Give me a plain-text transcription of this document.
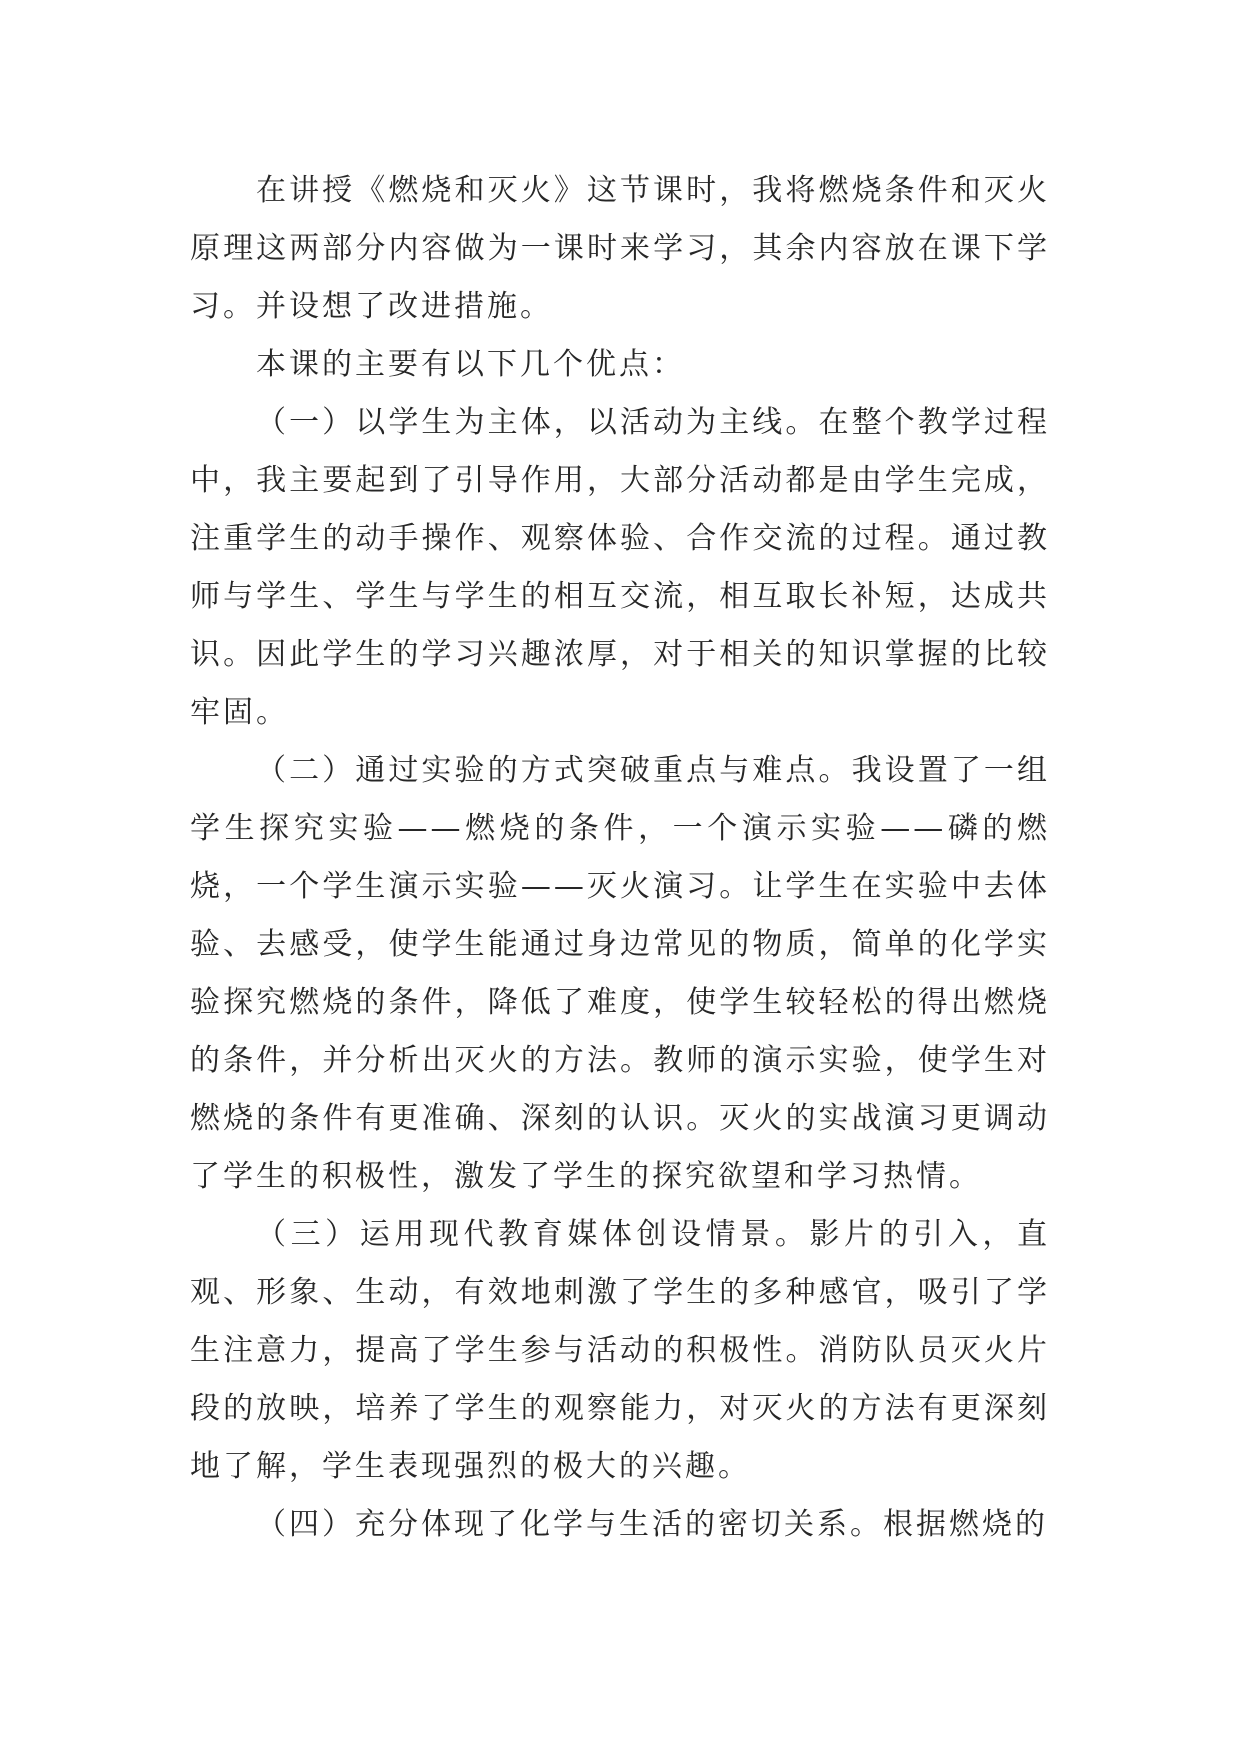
在讲授《燃烧和灭火》这节课时，我将燃烧条件和灭火原理这两部分内容做为一课时来学习，其余内容放在课下学习。并设想了改进措施。

本课的主要有以下几个优点：

（一）以学生为主体，以活动为主线。在整个教学过程中，我主要起到了引导作用，大部分活动都是由学生完成，注重学生的动手操作、观察体验、合作交流的过程。通过教师与学生、学生与学生的相互交流，相互取长补短，达成共识。因此学生的学习兴趣浓厚，对于相关的知识掌握的比较牢固。

（二）通过实验的方式突破重点与难点。我设置了一组学生探究实验——燃烧的条件，一个演示实验——磷的燃烧，一个学生演示实验——灭火演习。让学生在实验中去体验、去感受，使学生能通过身边常见的物质，简单的化学实验探究燃烧的条件，降低了难度，使学生较轻松的得出燃烧的条件，并分析出灭火的方法。教师的演示实验，使学生对燃烧的条件有更准确、深刻的认识。灭火的实战演习更调动了学生的积极性，激发了学生的探究欲望和学习热情。

（三）运用现代教育媒体创设情景。影片的引入，直观、形象、生动，有效地刺激了学生的多种感官，吸引了学生注意力，提高了学生参与活动的积极性。消防队员灭火片段的放映，培养了学生的观察能力，对灭火的方法有更深刻地了解，学生表现强烈的极大的兴趣。

（四）充分体现了化学与生活的密切关系。根据燃烧的
